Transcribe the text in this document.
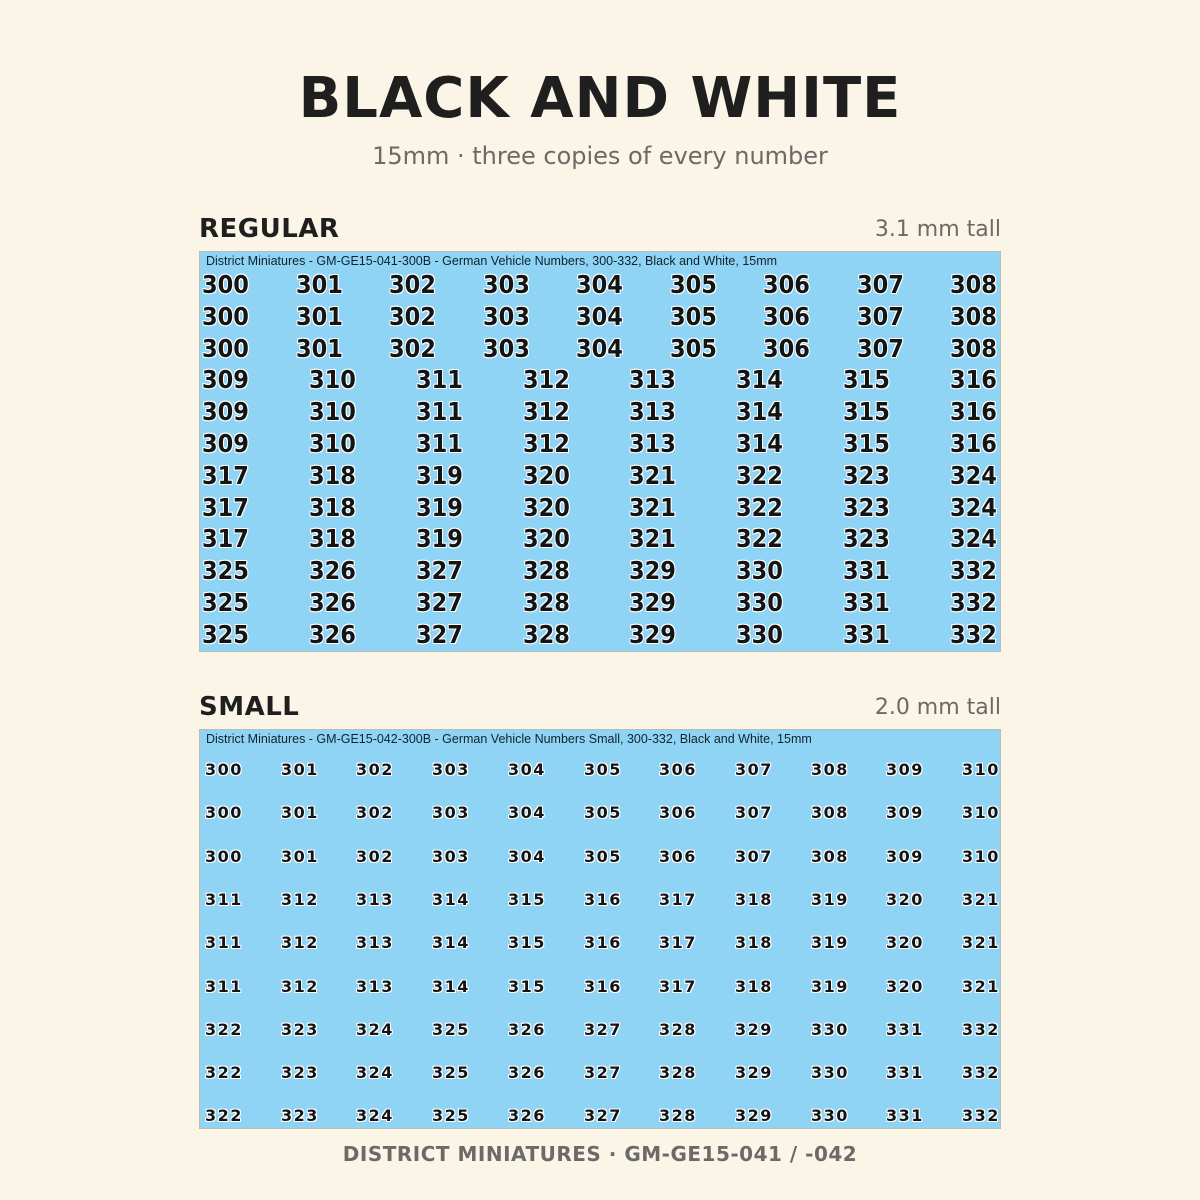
BLACK AND WHITE
15mm · three copies of every number
REGULAR	3.1 mm tall
District Miniatures - GM-GE15-041-300B - German Vehicle Numbers, 300-332, Black and White, 15mm
300 301 302 303 304 305 306 307 308
300 301 302 303 304 305 306 307 308
300 301 302 303 304 305 306 307 308
309 310 311 312 313 314 315 316
309 310 311 312 313 314 315 316
309 310 311 312 313 314 315 316
317 318 319 320 321 322 323 324
317 318 319 320 321 322 323 324
317 318 319 320 321 322 323 324
325 326 327 328 329 330 331 332
325 326 327 328 329 330 331 332
325 326 327 328 329 330 331 332
SMALL	2.0 mm tall
District Miniatures - GM-GE15-042-300B - German Vehicle Numbers Small, 300-332, Black and White, 15mm
300 301 302 303 304 305 306 307 308 309 310
300 301 302 303 304 305 306 307 308 309 310
300 301 302 303 304 305 306 307 308 309 310
311 312 313 314 315 316 317 318 319 320 321
311 312 313 314 315 316 317 318 319 320 321
311 312 313 314 315 316 317 318 319 320 321
322 323 324 325 326 327 328 329 330 331 332
322 323 324 325 326 327 328 329 330 331 332
322 323 324 325 326 327 328 329 330 331 332
DISTRICT MINIATURES · GM-GE15-041 / -042
